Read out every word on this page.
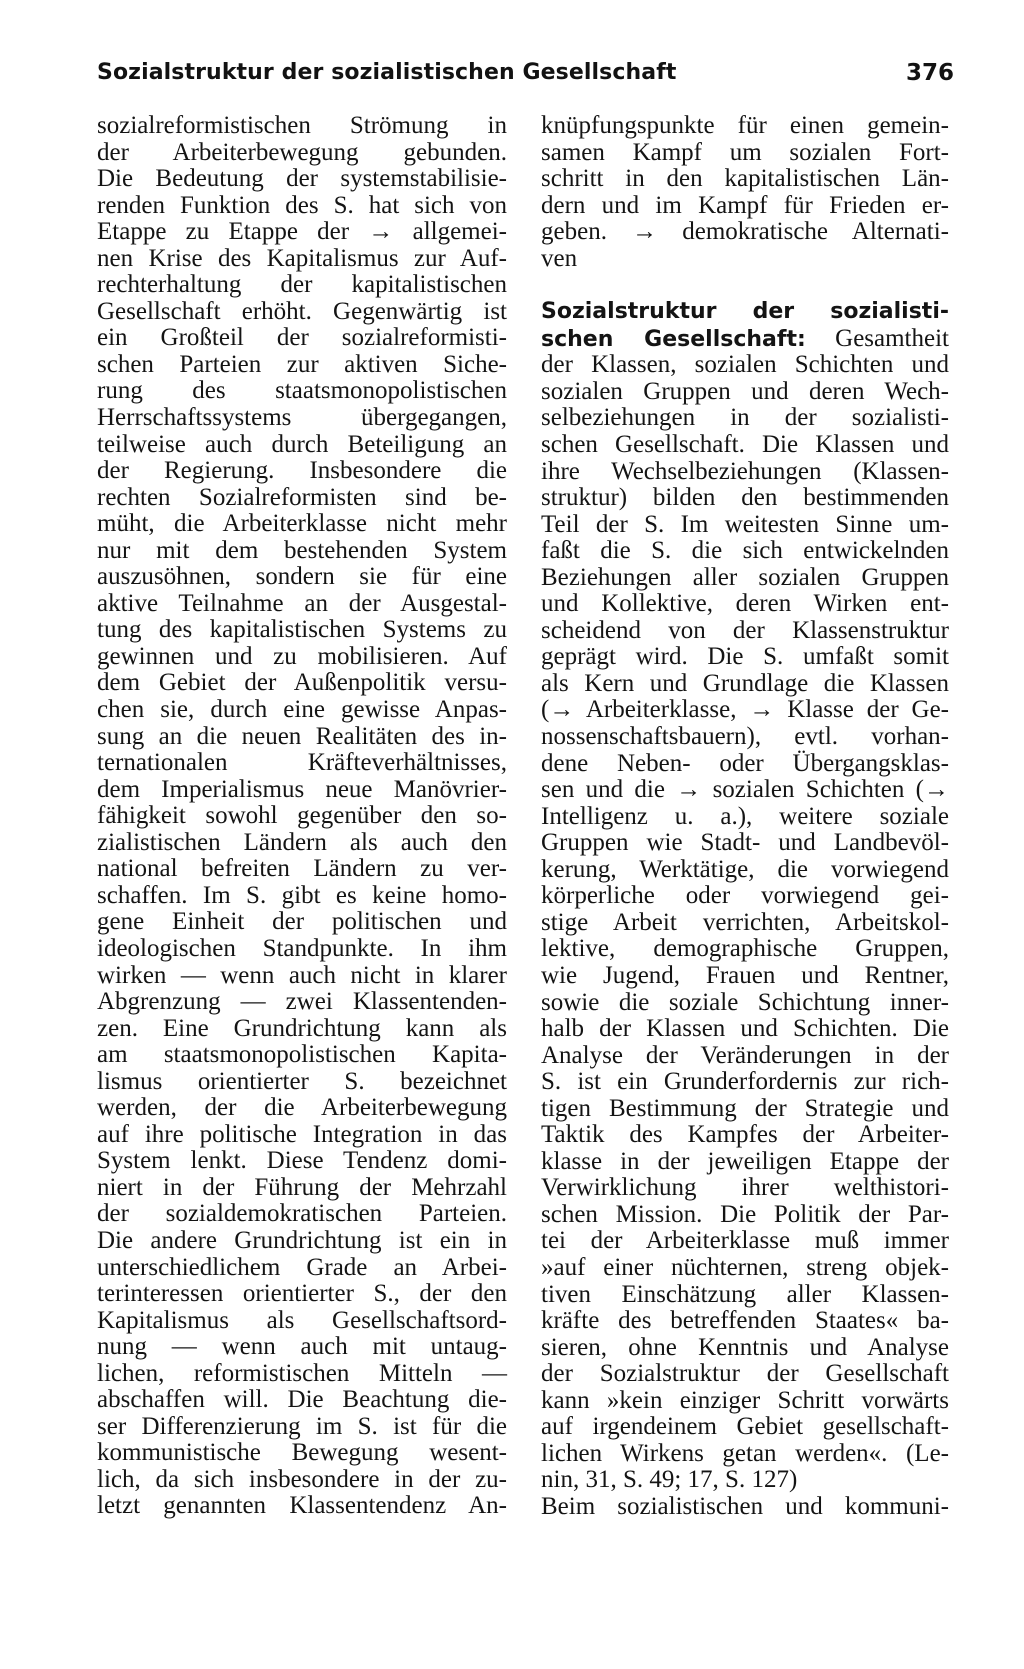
Sozialstruktur der sozialistischen Gesellschaft	376
sozialreformistischen Strömung in
der Arbeiterbewegung gebunden.
Die Bedeutung der systemstabilisie-
renden Funktion des S. hat sich von
Etappe zu Etappe der → allgemei-
nen Krise des Kapitalismus zur Auf-
rechterhaltung der kapitalistischen
Gesellschaft erhöht. Gegenwärtig ist
ein Großteil der sozialreformisti-
schen Parteien zur aktiven Siche-
rung des staatsmonopolistischen
Herrschaftssystems übergegangen,
teilweise auch durch Beteiligung an
der Regierung. Insbesondere die
rechten Sozialreformisten sind be-
müht, die Arbeiterklasse nicht mehr
nur mit dem bestehenden System
auszusöhnen, sondern sie für eine
aktive Teilnahme an der Ausgestal-
tung des kapitalistischen Systems zu
gewinnen und zu mobilisieren. Auf
dem Gebiet der Außenpolitik versu-
chen sie, durch eine gewisse Anpas-
sung an die neuen Realitäten des in-
ternationalen Kräfteverhältnisses,
dem Imperialismus neue Manövrier-
fähigkeit sowohl gegenüber den so-
zialistischen Ländern als auch den
national befreiten Ländern zu ver-
schaffen. Im S. gibt es keine homo-
gene Einheit der politischen und
ideologischen Standpunkte. In ihm
wirken — wenn auch nicht in klarer
Abgrenzung — zwei Klassentenden-
zen. Eine Grundrichtung kann als
am staatsmonopolistischen Kapita-
lismus orientierter S. bezeichnet
werden, der die Arbeiterbewegung
auf ihre politische Integration in das
System lenkt. Diese Tendenz domi-
niert in der Führung der Mehrzahl
der sozialdemokratischen Parteien.
Die andere Grundrichtung ist ein in
unterschiedlichem Grade an Arbei-
terinteressen orientierter S., der den
Kapitalismus als Gesellschaftsord-
nung — wenn auch mit untaug-
lichen, reformistischen Mitteln —
abschaffen will. Die Beachtung die-
ser Differenzierung im S. ist für die
kommunistische Bewegung wesent-
lich, da sich insbesondere in der zu-
letzt genannten Klassentendenz An-
knüpfungspunkte für einen gemein-
samen Kampf um sozialen Fort-
schritt in den kapitalistischen Län-
dern und im Kampf für Frieden er-
geben. → demokratische Alternati-
ven
Sozialstruktur der sozialisti-
schen Gesellschaft: Gesamtheit
der Klassen, sozialen Schichten und
sozialen Gruppen und deren Wech-
selbeziehungen in der sozialisti-
schen Gesellschaft. Die Klassen und
ihre Wechselbeziehungen (Klassen-
struktur) bilden den bestimmenden
Teil der S. Im weitesten Sinne um-
faßt die S. die sich entwickelnden
Beziehungen aller sozialen Gruppen
und Kollektive, deren Wirken ent-
scheidend von der Klassenstruktur
geprägt wird. Die S. umfaßt somit
als Kern und Grundlage die Klassen
(→ Arbeiterklasse, → Klasse der Ge-
nossenschaftsbauern), evtl. vorhan-
dene Neben- oder Übergangsklas-
sen und die → sozialen Schichten (→
Intelligenz u. a.), weitere soziale
Gruppen wie Stadt- und Landbevöl-
kerung, Werktätige, die vorwiegend
körperliche oder vorwiegend gei-
stige Arbeit verrichten, Arbeitskol-
lektive, demographische Gruppen,
wie Jugend, Frauen und Rentner,
sowie die soziale Schichtung inner-
halb der Klassen und Schichten. Die
Analyse der Veränderungen in der
S. ist ein Grunderfordernis zur rich-
tigen Bestimmung der Strategie und
Taktik des Kampfes der Arbeiter-
klasse in der jeweiligen Etappe der
Verwirklichung ihrer welthistori-
schen Mission. Die Politik der Par-
tei der Arbeiterklasse muß immer
»auf einer nüchternen, streng objek-
tiven Einschätzung aller Klassen-
kräfte des betreffenden Staates« ba-
sieren, ohne Kenntnis und Analyse
der Sozialstruktur der Gesellschaft
kann »kein einziger Schritt vorwärts
auf irgendeinem Gebiet gesellschaft-
lichen Wirkens getan werden«. (Le-
nin, 31, S. 49; 17, S. 127)
Beim sozialistischen und kommuni-
